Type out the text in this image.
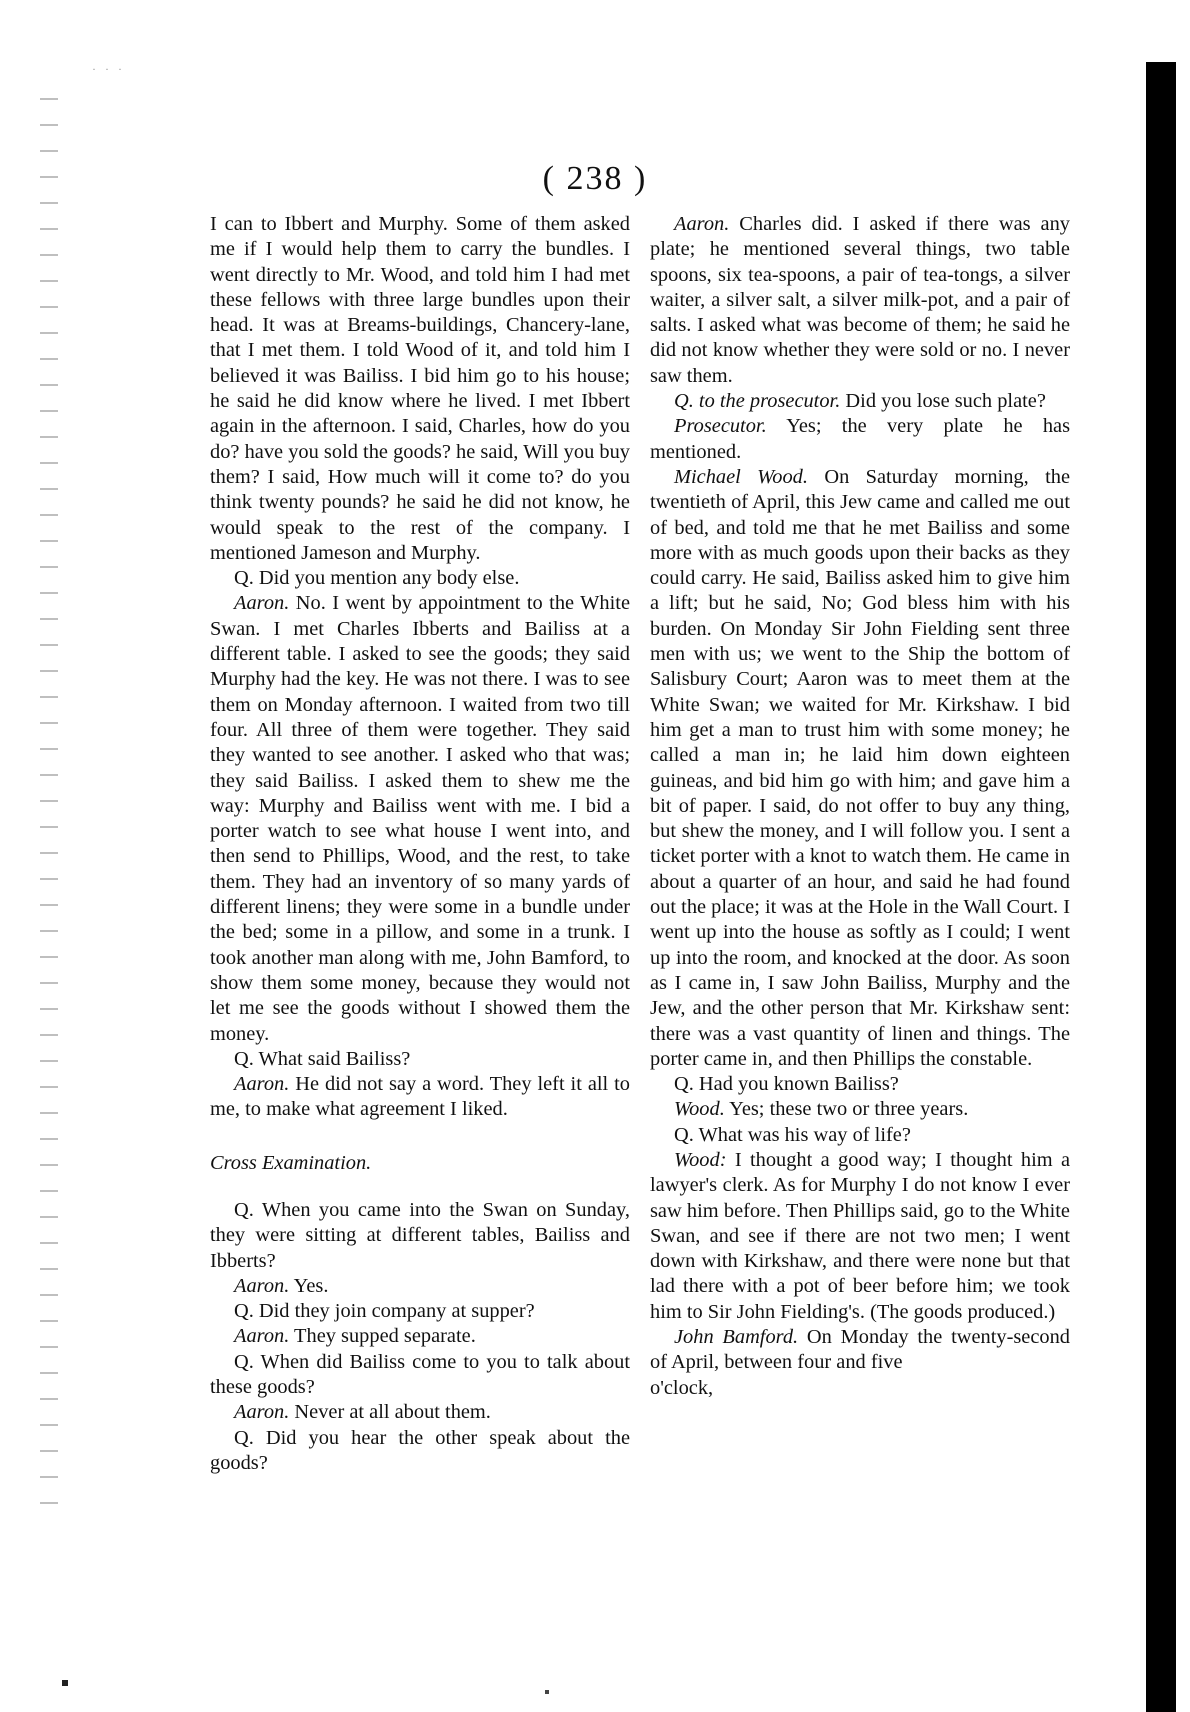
· · ·
( 238 )

I can to Ibbert and Murphy. Some of them asked me if I would help them to carry the bundles. I went directly to Mr. Wood, and told him I had met these fellows with three large bundles upon their head. It was at Breams-buildings, Chancery-lane, that I met them. I told Wood of it, and told him I believed it was Bailiss. I bid him go to his house; he said he did know where he lived. I met Ibbert again in the afternoon. I said, Charles, how do you do? have you sold the goods? he said, Will you buy them? I said, How much will it come to? do you think twenty pounds? he said he did not know, he would speak to the rest of the company. I mentioned Jameson and Murphy.

Q. Did you mention any body else.

Aaron. No. I went by appointment to the White Swan. I met Charles Ibberts and Bailiss at a different table. I asked to see the goods; they said Murphy had the key. He was not there. I was to see them on Monday afternoon. I waited from two till four. All three of them were together. They said they wanted to see another. I asked who that was; they said Bailiss. I asked them to shew me the way: Murphy and Bailiss went with me. I bid a porter watch to see what house I went into, and then send to Phillips, Wood, and the rest, to take them. They had an inventory of so many yards of different linens; they were some in a bundle under the bed; some in a pillow, and some in a trunk. I took another man along with me, John Bamford, to show them some money, because they would not let me see the goods without I showed them the money.

Q. What said Bailiss?

Aaron. He did not say a word. They left it all to me, to make what agreement I liked.

Cross Examination.

Q. When you came into the Swan on Sunday, they were sitting at different tables, Bailiss and Ibberts?

Aaron. Yes.

Q. Did they join company at supper?

Aaron. They supped separate.

Q. When did Bailiss come to you to talk about these goods?

Aaron. Never at all about them.

Q. Did you hear the other speak about the goods?

Aaron. Charles did. I asked if there was any plate; he mentioned several things, two table spoons, six tea-spoons, a pair of tea-tongs, a silver waiter, a silver salt, a silver milk-pot, and a pair of salts. I asked what was become of them; he said he did not know whether they were sold or no. I never saw them.

Q. to the prosecutor. Did you lose such plate?

Prosecutor. Yes; the very plate he has mentioned.

Michael Wood. On Saturday morning, the twentieth of April, this Jew came and called me out of bed, and told me that he met Bailiss and some more with as much goods upon their backs as they could carry. He said, Bailiss asked him to give him a lift; but he said, No; God bless him with his burden. On Monday Sir John Fielding sent three men with us; we went to the Ship the bottom of Salisbury Court; Aaron was to meet them at the White Swan; we waited for Mr. Kirkshaw. I bid him get a man to trust him with some money; he called a man in; he laid him down eighteen guineas, and bid him go with him; and gave him a bit of paper. I said, do not offer to buy any thing, but shew the money, and I will follow you. I sent a ticket porter with a knot to watch them. He came in about a quarter of an hour, and said he had found out the place; it was at the Hole in the Wall Court. I went up into the house as softly as I could; I went up into the room, and knocked at the door. As soon as I came in, I saw John Bailiss, Murphy and the Jew, and the other person that Mr. Kirkshaw sent: there was a vast quantity of linen and things. The porter came in, and then Phillips the constable.

Q. Had you known Bailiss?

Wood. Yes; these two or three years.

Q. What was his way of life?

Wood: I thought a good way; I thought him a lawyer's clerk. As for Murphy I do not know I ever saw him before. Then Phillips said, go to the White Swan, and see if there are not two men; I went down with Kirkshaw, and there were none but that lad there with a pot of beer before him; we took him to Sir John Fielding's. (The goods produced.)

John Bamford. On Monday the twenty-second of April, between four and five

o'clock,
